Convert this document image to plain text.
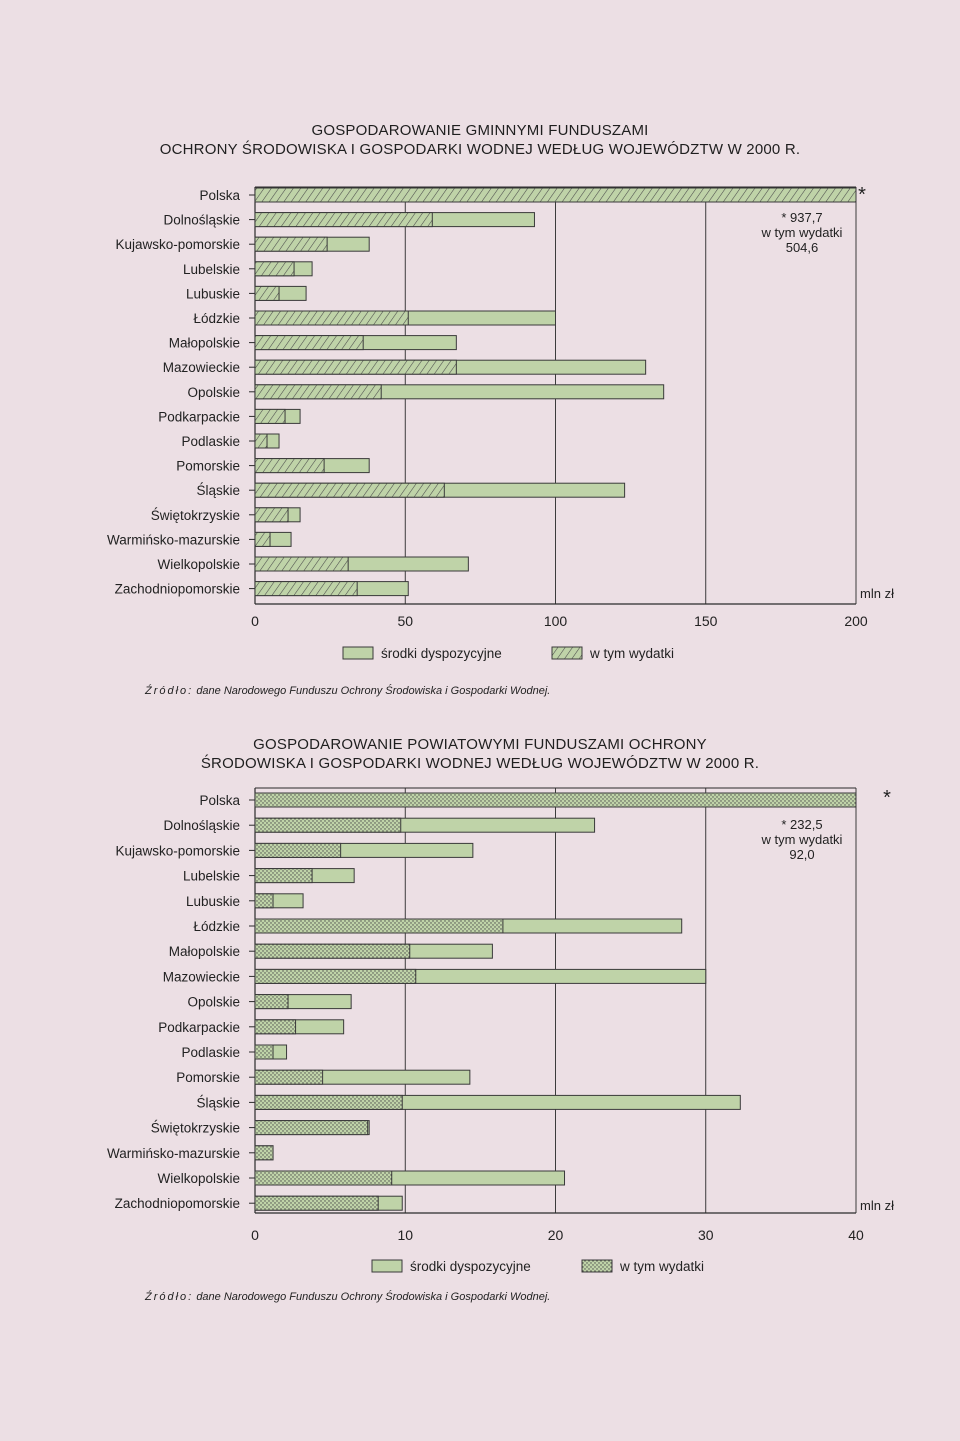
GOSPODAROWANIE GMINNYMI FUNDUSZAMI
OCHRONY ŚRODOWISKA I GOSPODARKI WODNEJ WEDŁUG WOJEWÓDZTW W 2000 R.
Źródło: dane Narodowego Funduszu Ochrony Środowiska i Gospodarki Wodnej.
GOSPODAROWANIE POWIATOWYMI FUNDUSZAMI OCHRONY
ŚRODOWISKA I GOSPODARKI WODNEJ WEDŁUG WOJEWÓDZTW W 2000 R.
Źródło: dane Narodowego Funduszu Ochrony Środowiska i Gospodarki Wodnej.
0	50	100	150	200
mln zł
Polska
Dolnośląskie
Kujawsko-pomorskie
Lubelskie
Lubuskie
Łódzkie
Małopolskie
Mazowieckie
Opolskie
Podkarpackie
Podlaskie
Pomorskie
Śląskie
Świętokrzyskie
Warmińsko-mazurskie
Wielkopolskie
Zachodniopomorskie
*
* 937,7
w tym wydatki
504,6
środki dyspozycyjne	w tym wydatki
0	10	20	30	40
mln zł
Polska
Dolnośląskie
Kujawsko-pomorskie
Lubelskie
Lubuskie
Łódzkie
Małopolskie
Mazowieckie
Opolskie
Podkarpackie
Podlaskie
Pomorskie
Śląskie
Świętokrzyskie
Warmińsko-mazurskie
Wielkopolskie
Zachodniopomorskie
*
* 232,5
w tym wydatki
92,0
środki dyspozycyjne	w tym wydatki
